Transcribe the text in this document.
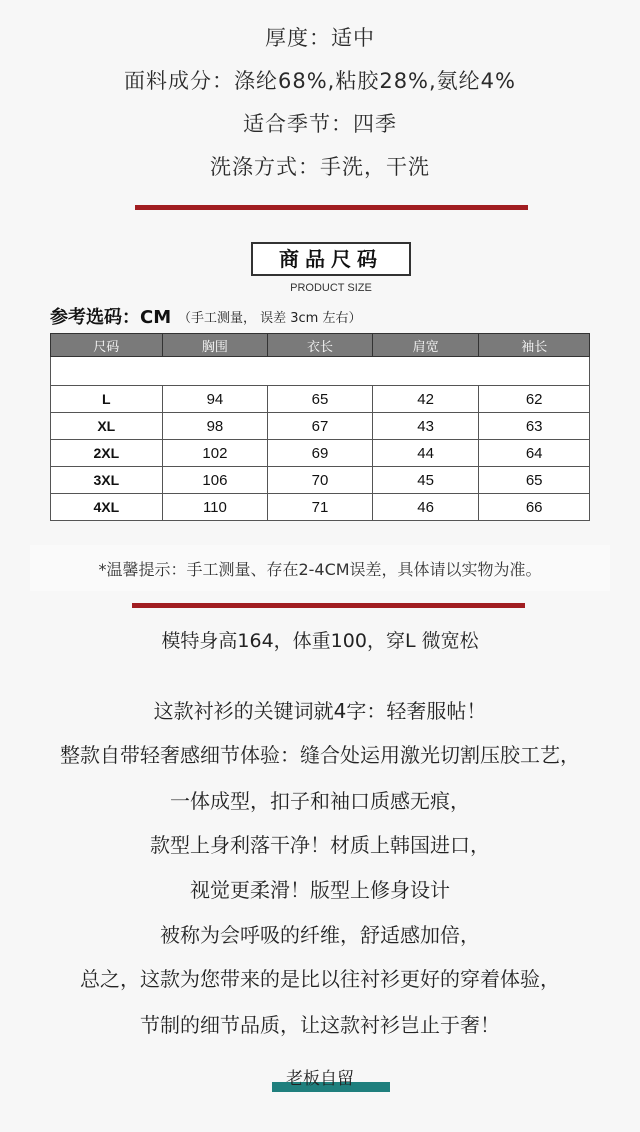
厚度：适中
面料成分：涤纶68%,粘胶28%,氨纶4%
适合季节：四季
洗涤方式：手洗，干洗
商品尺码
PRODUCT SIZE
参考选码：CM （手工测量， 误差 3cm 左右）
尺码	胸围	衣长	肩宽	袖长

L	94	65	42	62
XL	98	67	43	63
2XL	102	69	44	64
3XL	106	70	45	65
4XL	110	71	46	66
*温馨提示：手工测量、存在2-4CM误差，具体请以实物为准。
模特身高164，体重100，穿L 微宽松
这款衬衫的关键词就4字：轻奢服帖！
整款自带轻奢感细节体验：缝合处运用激光切割压胶工艺，
一体成型，扣子和袖口质感无痕，
款型上身利落干净！材质上韩国进口，
视觉更柔滑！版型上修身设计
被称为会呼吸的纤维，舒适感加倍，
总之，这款为您带来的是比以往衬衫更好的穿着体验，
节制的细节品质，让这款衬衫岂止于奢！
老板自留
